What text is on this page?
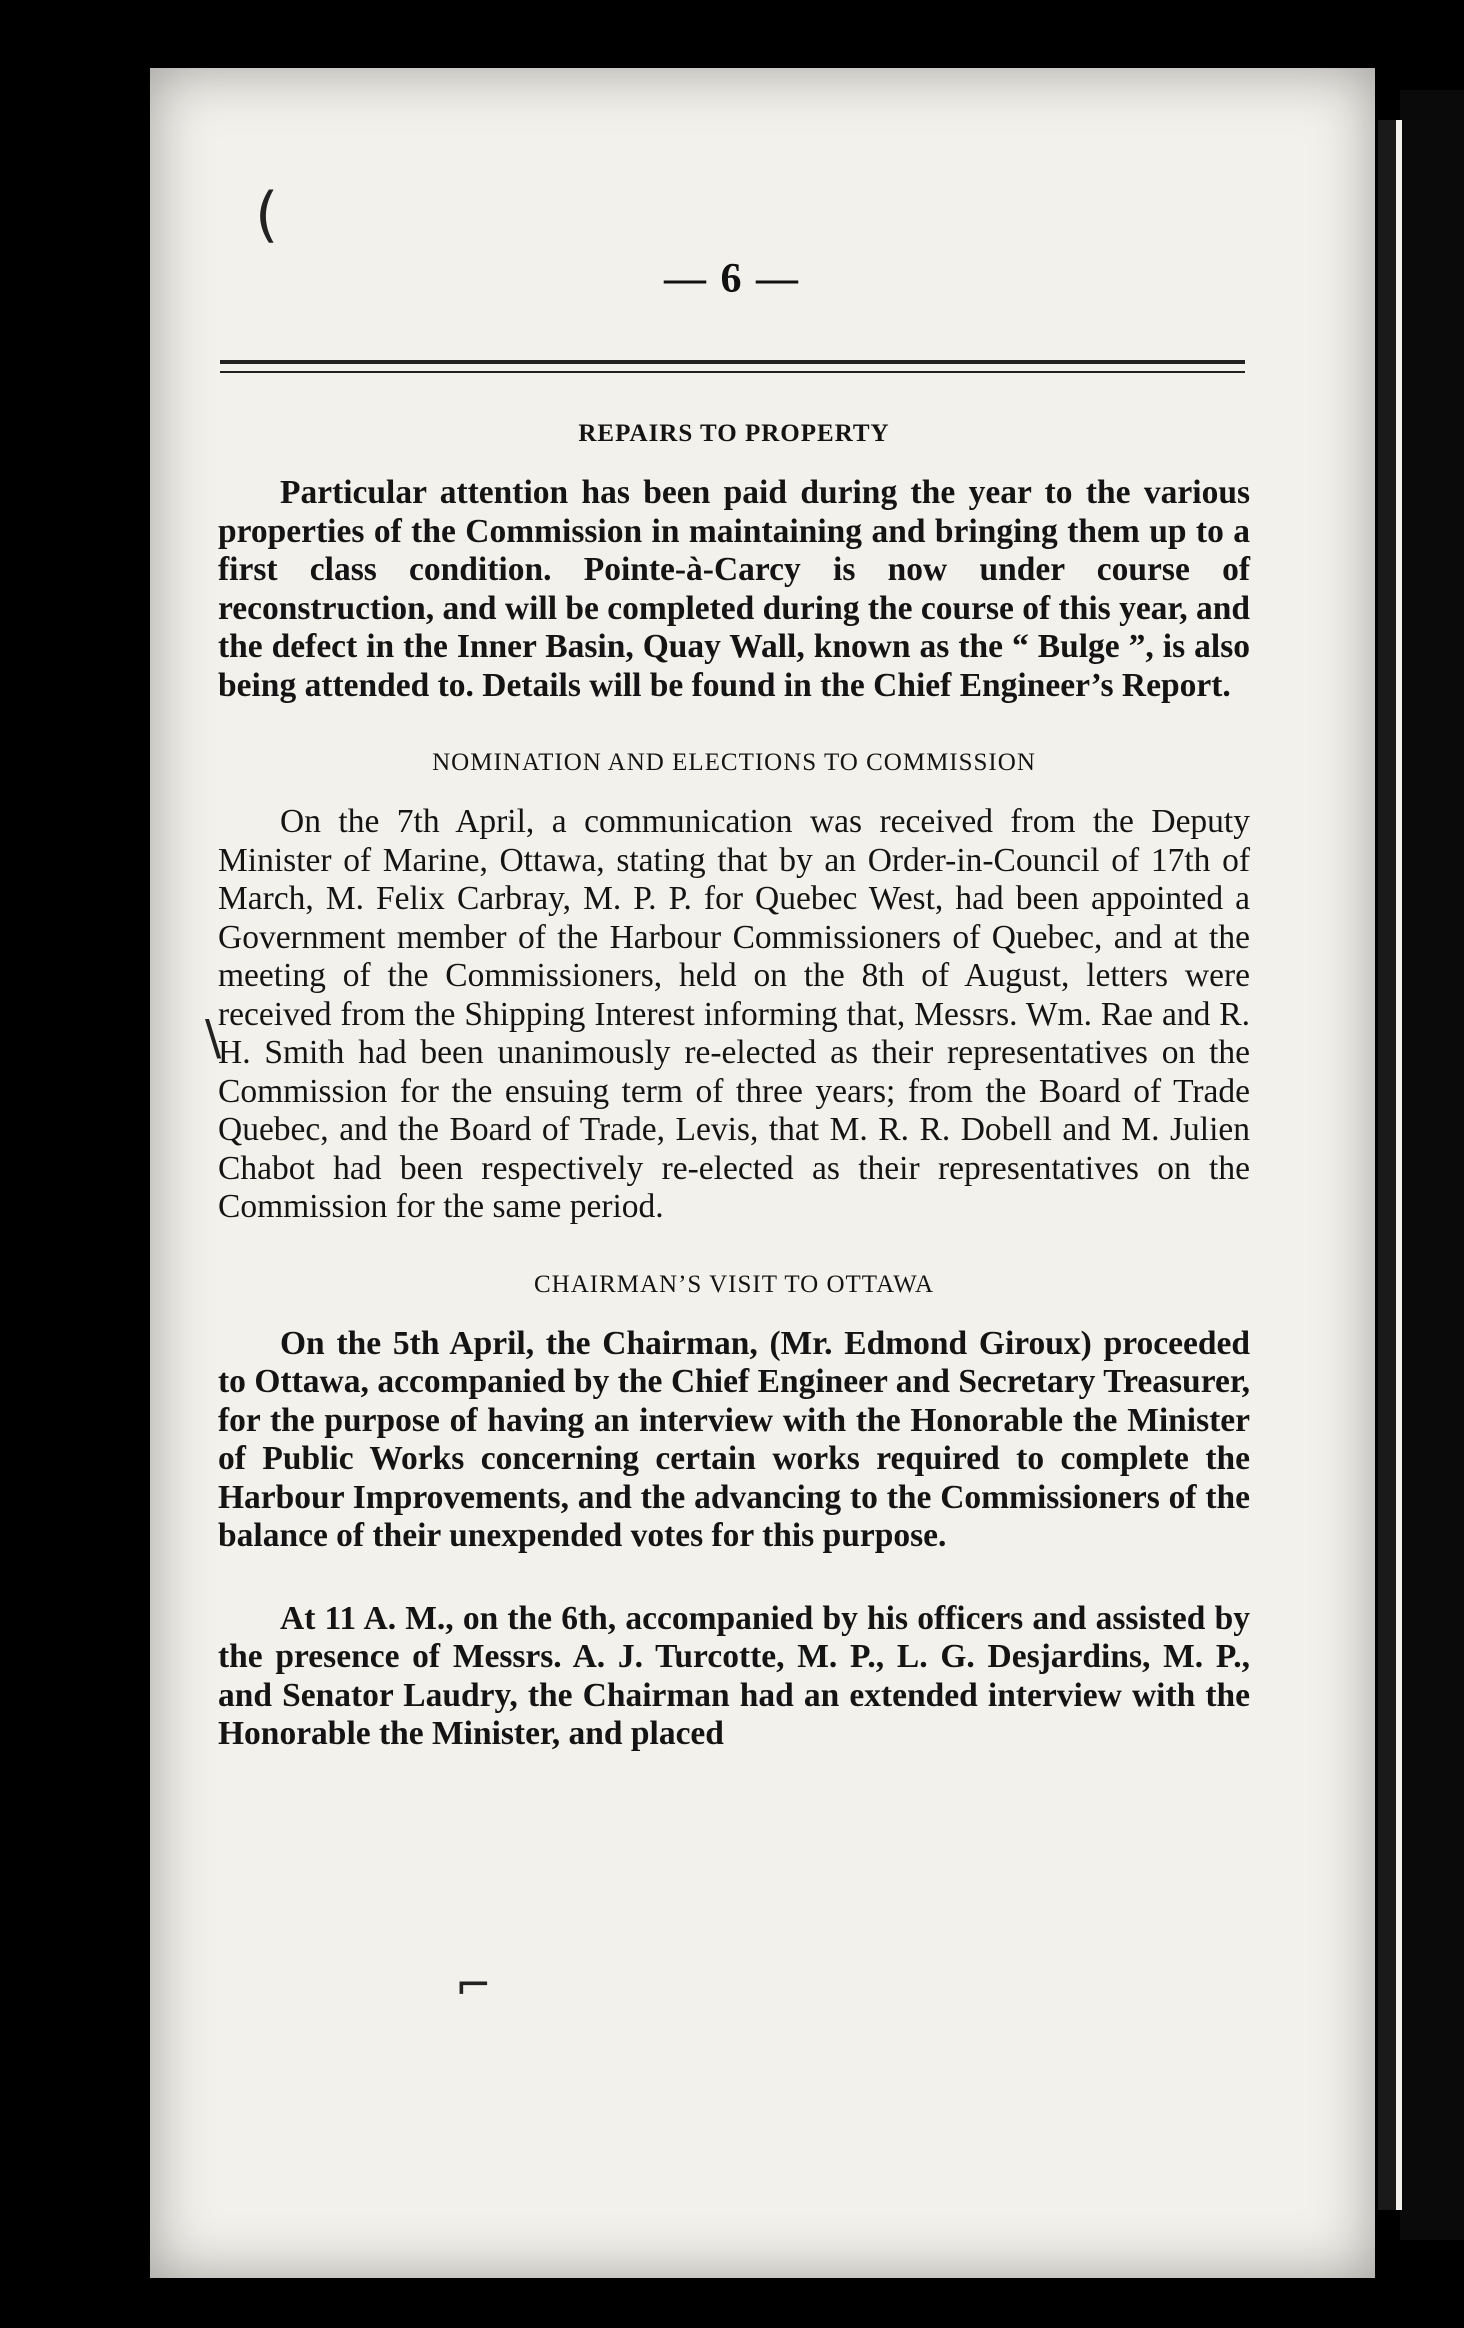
(
\
⌐
— 6 —
REPAIRS TO PROPERTY

Particular attention has been paid during the year to the various properties of the Commission in maintaining and bringing them up to a first class condition. Pointe-à-Carcy is now under course of reconstruction, and will be completed during the course of this year, and the defect in the Inner Basin, Quay Wall, known as the “ Bulge ”, is also being attended to. Details will be found in the Chief Engineer’s Report.

NOMINATION AND ELECTIONS TO COMMISSION

On the 7th April, a communication was received from the Deputy Minister of Marine, Ottawa, stating that by an Order-in-Council of 17th of March, M. Felix Carbray, M. P. P. for Quebec West, had been appointed a Government member of the Harbour Commissioners of Quebec, and at the meeting of the Commissioners, held on the 8th of August, letters were received from the Shipping Interest informing that, Messrs. Wm. Rae and R. H. Smith had been unanimously re-elected as their representatives on the Commission for the ensuing term of three years; from the Board of Trade Quebec, and the Board of Trade, Levis, that M. R. R. Dobell and M. Julien Chabot had been respectively re-elected as their representatives on the Commission for the same period.

CHAIRMAN’S VISIT TO OTTAWA

On the 5th April, the Chairman, (Mr. Edmond Giroux) proceeded to Ottawa, accompanied by the Chief Engineer and Secretary Treasurer, for the purpose of having an interview with the Honorable the Minister of Public Works concerning certain works required to complete the Harbour Improvements, and the advancing to the Commissioners of the balance of their unexpended votes for this purpose.

At 11 A. M., on the 6th, accompanied by his officers and assisted by the presence of Messrs. A. J. Turcotte, M. P., L. G. Desjardins, M. P., and Senator Laudry, the Chairman had an extended interview with the Honorable the Minister, and placed
